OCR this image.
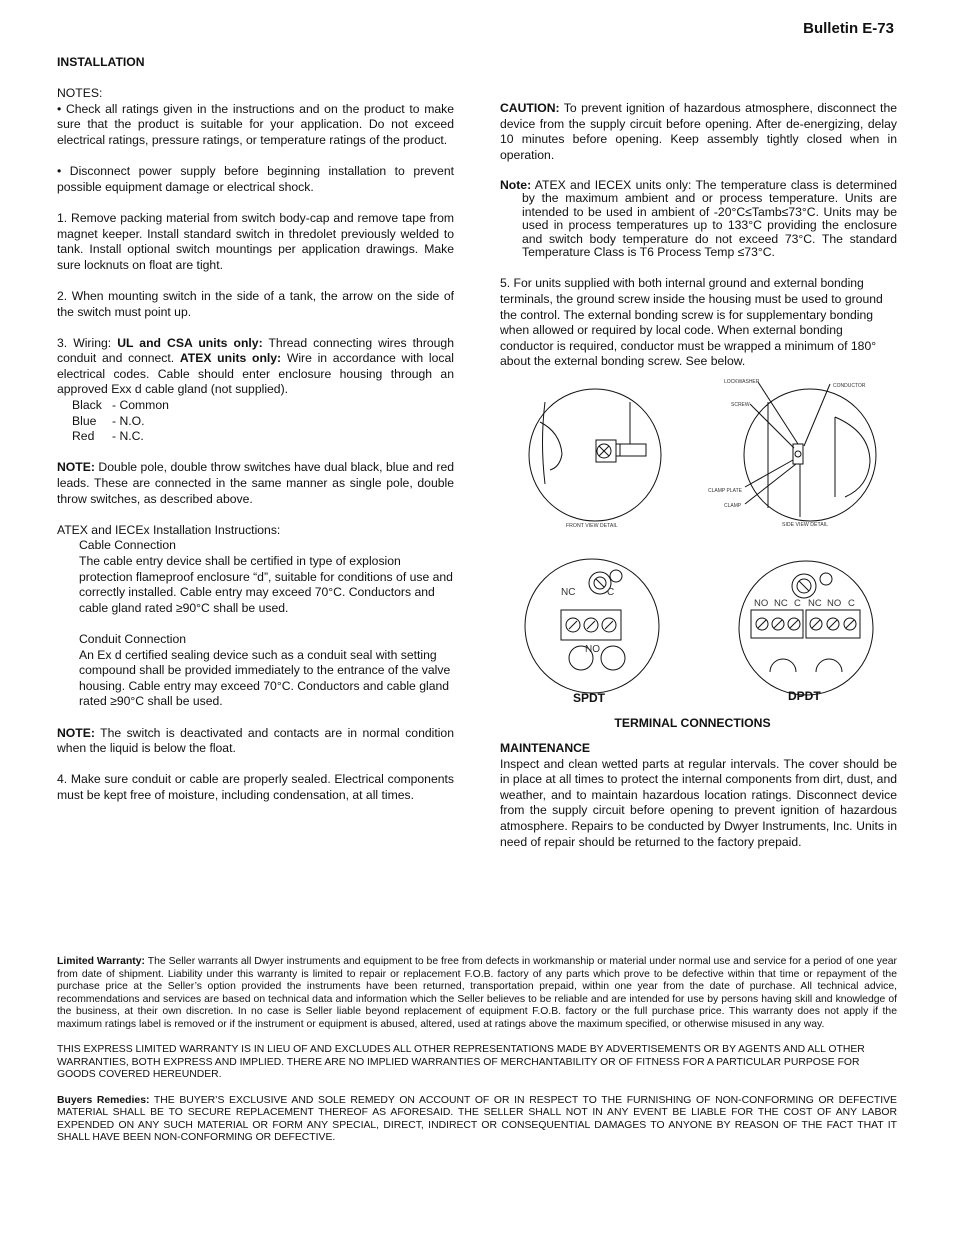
Bulletin E-73

INSTALLATION

NOTES:

• Check all ratings given in the instructions and on the product to make sure that the product is suitable for your application. Do not exceed electrical ratings, pressure ratings, or temperature ratings of the product.

• Disconnect power supply before beginning installation to prevent possible equipment damage or electrical shock.

1. Remove packing material from switch body-cap and remove tape from magnet keeper. Install standard switch in thredolet previously welded to tank. Install optional switch mountings per application drawings. Make sure locknuts on float are tight.

2. When mounting switch in the side of a tank, the arrow on the side of the switch must point up.

3. Wiring: UL and CSA units only: Thread connecting wires through conduit and connect. ATEX units only: Wire in accordance with local electrical codes. Cable should enter enclosure housing through an approved Exx d cable gland (not supplied).
Black - Common
Blue - N.O.
Red - N.C.

NOTE: Double pole, double throw switches have dual black, blue and red leads. These are connected in the same manner as single pole, double throw switches, as described above.

ATEX and IECEx Installation Instructions:
Cable Connection

The cable entry device shall be certified in type of explosion protection flameproof enclosure “d”, suitable for conditions of use and correctly installed. Cable entry may exceed 70°C. Conductors and cable gland rated ≥90°C shall be used.

Conduit Connection

An Ex d certified sealing device such as a conduit seal with setting compound shall be provided immediately to the entrance of the valve housing. Cable entry may exceed 70°C. Conductors and cable gland rated ≥90°C shall be used.

NOTE: The switch is deactivated and contacts are in normal condition when the liquid is below the float.

4. Make sure conduit or cable are properly sealed. Electrical components must be kept free of moisture, including condensation, at all times.

CAUTION: To prevent ignition of hazardous atmosphere, disconnect the device from the supply circuit before opening. After de-energizing, delay 10 minutes before opening. Keep assembly tightly closed when in operation.

Note: ATEX and IECEX units only: The temperature class is determined by the maximum ambient and or process temperature. Units are intended to be used in ambient of -20°C≤Tamb≤73°C. Units may be used in process temperatures up to 133°C providing the enclosure and switch body temperature do not exceed 73°C. The standard Temperature Class is T6 Process Temp ≤73°C.

5. For units supplied with both internal ground and external bonding terminals, the ground screw inside the housing must be used to ground the control. The external bonding screw is for supplementary bonding when allowed or required by local code. When external bonding conductor is required, conductor must be wrapped a minimum of 180° about the external bonding screw. See below.

FRONT VIEW DETAIL	SIDE VIEW DETAIL
LOCKWASHER
CONDUCTOR
SCREW
CLAMP PLATE
CLAMP
NC	C
NO
NO NC C NC NO C
SPDT	DPDT
TERMINAL CONNECTIONS
MAINTENANCE
Inspect and clean wetted parts at regular intervals. The cover should be in place at all times to protect the internal components from dirt, dust, and weather, and to maintain hazardous location ratings. Disconnect device from the supply circuit before opening to prevent ignition of hazardous atmosphere. Repairs to be conducted by Dwyer Instruments, Inc. Units in need of repair should be returned to the factory prepaid.

Limited Warranty: The Seller warrants all Dwyer instruments and equipment to be free from defects in workmanship or material under normal use and service for a period of one year from date of shipment. Liability under this warranty is limited to repair or replacement F.O.B. factory of any parts which prove to be defective within that time or repayment of the purchase price at the Seller’s option provided the instruments have been returned, transportation prepaid, within one year from the date of purchase. All technical advice, recommendations and services are based on technical data and information which the Seller believes to be reliable and are intended for use by persons having skill and knowledge of the business, at their own discretion. In no case is Seller liable beyond replacement of equipment F.O.B. factory or the full purchase price. This warranty does not apply if the maximum ratings label is removed or if the instrument or equipment is abused, altered, used at ratings above the maximum specified, or otherwise misused in any way.

THIS EXPRESS LIMITED WARRANTY IS IN LIEU OF AND EXCLUDES ALL OTHER REPRESENTATIONS MADE BY ADVERTISEMENTS OR BY AGENTS AND ALL OTHER WARRANTIES, BOTH EXPRESS AND IMPLIED. THERE ARE NO IMPLIED WARRANTIES OF MERCHANTABILITY OR OF FITNESS FOR A PARTICULAR PURPOSE FOR GOODS COVERED HEREUNDER.

Buyers Remedies: THE BUYER’S EXCLUSIVE AND SOLE REMEDY ON ACCOUNT OF OR IN RESPECT TO THE FURNISHING OF NON-CONFORMING OR DEFECTIVE MATERIAL SHALL BE TO SECURE REPLACEMENT THEREOF AS AFORESAID. THE SELLER SHALL NOT IN ANY EVENT BE LIABLE FOR THE COST OF ANY LABOR EXPENDED ON ANY SUCH MATERIAL OR FORM ANY SPECIAL, DIRECT, INDIRECT OR CONSEQUENTIAL DAMAGES TO ANYONE BY REASON OF THE FACT THAT IT SHALL HAVE BEEN NON-CONFORMING OR DEFECTIVE.
